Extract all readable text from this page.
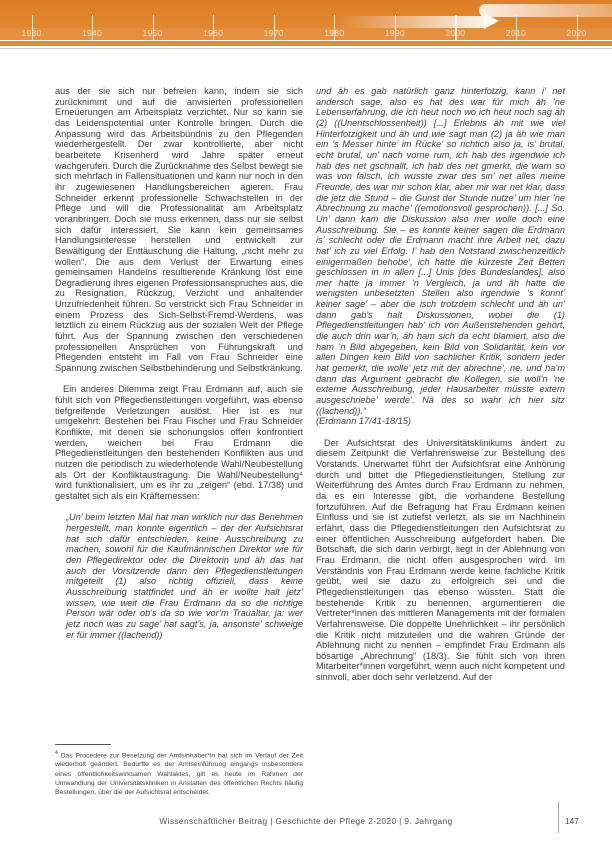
1930	1940	1950	1960	1970	1980	1990	2000	2010	2020

aus der sie sich nur befreien kann, indem sie sich zurücknimmt und auf die anvisierten professionellen Erneuerungen am Arbeitsplatz verzichtet. Nur so kann sie das Leidenspotential unter Kontrolle bringen. Durch die Anpassung wird das Arbeitsbündnis zu den Pflegenden wiederhergestellt. Der zwar kontrollierte, aber nicht bearbeitete Krisenherd wird Jahre später erneut wachgerufen. Durch die Zurücknahme des Selbst bewegt sie sich mehrfach in Fallensituationen und kann nur noch in den ihr zugewiesenen Handlungsbereichen agieren. Frau Schneider erkennt professionelle Schwachstellen in der Pflege und will die Professionalität am Arbeitsplatz voranbringen. Doch sie muss erkennen, dass nur sie selbst sich dafür interessiert. Sie kann kein gemeinsames Handlungsinteresse herstellen und entwickelt zur Bewältigung der Enttäuschung die Haltung, „nicht mehr zu wollen“. Die aus dem Verlust der Erwartung eines gemeinsamen Handelns resultierende Kränkung löst eine Degradierung ihres eigenen Professionsanspruches aus, die zu Resignation, Rückzug, Verzicht und anhaltender Unzufriedenheit führen. So verstrickt sich Frau Schneider in einem Prozess des Sich-Selbst-Fremd-Werdens, was letztlich zu einem Rückzug aus der sozialen Welt der Pflege führt. Aus der Spannung zwischen den verschiedenen professionellen Ansprüchen von Führungskraft und Pflegenden entsteht im Fall von Frau Schneider eine Spannung zwischen Selbstbehinderung und Selbstkränkung.

Ein anderes Dilemma zeigt Frau Erdmann auf, auch sie fühlt sich von Pflegedienstleitungen vorgeführt, was ebenso tiefgreifende Verletzungen auslöst. Hier ist es nur umgekehrt: Bestehen bei Frau Fischer und Frau Schneider Konflikte, mit denen sie schonungslos offen konfrontiert werden, weichen bei Frau Erdmann die Pflegedienstleitungen den bestehenden Konflikten aus und nutzen die periodisch zu wiederholende Wahl/Neubestellung als Ort der Konfliktaustragung. Die Wahl/Neubestellung⁴ wird funktionalisiert, um es ihr zu „zeigen“ (ebd. 17/38) und gestaltet sich als ein Kräftemessen:

„Un’ beim letzten Mal hat man wirklich nur das Benehmen hergestellt, man konnte eigentlich – der der Aufsichtsrat hat sich dafür entschieden, keine Ausschreibung zu machen, sowohl für die Kaufmännischen Direktor wie für den Pflegedirektor oder die Direktorin und äh das hat auch der Vorsitzende dann den Pflegedienstleitungen mitgeteilt (1) also richtig offiziell, dass keine Ausschreibung stattfindet und äh er wollte halt jetz’ wissen, wie weit die Frau Erdmann da so die richtige Person wär oder ob’s da so wie vor’m Traualtar, ja: wer jetz noch was zu sage’ hat sagt’s, ja, ansonste’ schweige er für immer ((lachend))
und äh es gab natürlich ganz hinterfotzig, kann i’ net andersch sage, also es hat des war für mich äh ’ne Lebenserfahrung, die ich heut noch wo ich heut noch sag äh (2) ((Unentschlossenheit)) [...] Erlebnis äh mit wie viel Hinterfotzigkeit und äh und wie sagt man (2) ja äh wie man ein ’s Messer hinte’ im Rücke’ so richtich also ja, is’ brutal, echt brutal, un’ nach vorne rum, ich hab des irgendwie ich hab des net gschnallt, ich hab des net gmerkt, die warn so was von falsch, ich wusste zwar des sin’ net alles meine Freunde, des war mir schon klar, aber mir war net klar, dass die jetz die Stund – die Gunst der Stunde nutze’ um hier ’ne Abrechnung zu mache’ ((emotionsvoll gesprochen)). [...] So. Un’ dann kam die Diskussion also mer wolle doch eine Ausschreibung. Sie – es konnte keiner sagen die Erdmann is’ schlecht oder die Erdmann macht ihre Arbeit net, dazu hat’ ich zu viel Erfolg. I’ hab den Notstand zwischenzeitlich einigermaßen behobe’, ich hatte die kürzeste Zeit Betten geschlossen in in allen [...] Unis [des Bundeslandes], also mer hatte ja immer ’n Vergleich, ja und äh hatte die wenigsten unbesetzten Stellen also irgendwie ’s konnt’ keiner sage’ – aber die isch trotzdem schlecht und äh un’ dann gab’s halt Diskussionen, wobei die (1) Pflegedienstleitungen hab’ ich von Außenstehenden gehört, die auch drin war’n, äh ham sich da echt blamiert, also die ham ’n Bild abgegeben, kein Bild von Solidarität, kein vor allen Dingen kein Bild von sachlicher Kritik, sondern jeder hat gemerkt, die wolle’ jetz mit der abrechne’, ne, und ha’m dann das Argument gebracht die Kollegen, sie woll’n ’ne externe Ausschreibung, jeder Hausarbeiter müsste extern ausgeschriebe’ werde’. Nä des so wahr ich hier sitz ((lachend)).“
(Erdmann 17/41-18/15)

Der Aufsichtsrat des Universitätsklinikums ändert zu diesem Zeitpunkt die Verfahrensweise zur Bestellung des Vorstands. Unerwartet führt der Aufsichtsrat eine Anhörung durch und bittet die Pflegedienstleitungen, Stellung zur Weiterführung des Amtes durch Frau Erdmann zu nehmen, da es ein Interesse gibt, die vorhandene Bestellung fortzuführen. Auf die Befragung hat Frau Erdmann keinen Einfluss und sie ist zutiefst verletzt, als sie im Nachhinein erfährt, dass die Pflegedienstleitungen den Aufsichtsrat zu einer öffentlichen Ausschreibung aufgefordert haben. Die Botschaft, die sich darin verbirgt, liegt in der Ablehnung von Frau Erdmann, die nicht offen ausgesprochen wird. Im Verständnis von Frau Erdmann werde keine fachliche Kritik geübt, weil sie dazu zu erfolgreich sei und die Pflegedienstleitungen das ebenso wüssten. Statt die bestehende Kritik zu benennen, argumentieren die Vertreter*innen des mittleren Managements mit der formalen Verfahrensweise. Die doppelte Unehrlichkeit – ihr persönlich die Kritik nicht mitzuteilen und die wahren Gründe der Ablehnung nicht zu nennen – empfindet Frau Erdmann als bösartige „Abrechnung“ (18/3). Sie fühlt sich von ihren Mitarbeiter*innen vorgeführt, wenn auch nicht kompetent und sinnvoll, aber doch sehr verletzend. Auf der

$^4$ Das Procedere zur Besetzung der Amtsinhaber*in hat sich im Verlauf der Zeit wiederholt geändert. Bedurfte es der Amtseinführung eingangs insbesondere eines öffentlichkeitswirksamen Wahlaktes, gilt es heute im Rahmen der Umwandlung der Universitätskliniken in Anstalten des öffentlichen Rechts häufig Bestellungen, über die der Aufsichtsrat entscheidet.

Wissenschaftlicher Beitrag | Geschichte der Pflege 2-2020 | 9. Jahrgang	147
